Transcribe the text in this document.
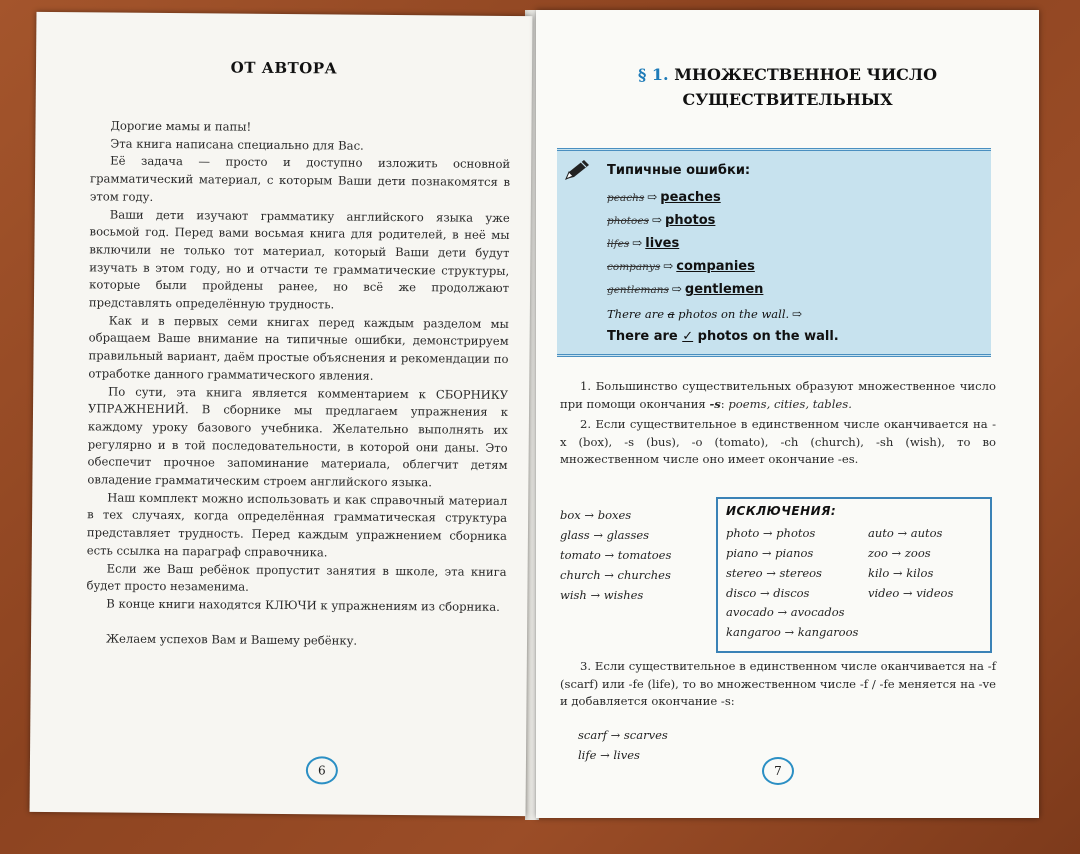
ОТ АВТОРА

Дорогие мамы и папы!

Эта книга написана специально для Вас.

Её задача — просто и доступно изложить основной грамматический материал, с которым Ваши дети познакомятся в этом году.

Ваши дети изучают грамматику английского языка уже восьмой год. Перед вами восьмая книга для родителей, в неё мы включили не только тот материал, который Ваши дети будут изучать в этом году, но и отчасти те грамматические структуры, которые были пройдены ранее, но всё же продолжают представлять определённую трудность.

Как и в первых семи книгах перед каждым разделом мы обращаем Ваше внимание на типичные ошибки, демонстрируем правильный вариант, даём простые объяснения и рекомендации по отработке данного грамматического явления.

По сути, эта книга является комментарием к СБОРНИКУ УПРАЖНЕНИЙ. В сборнике мы предлагаем упражнения к каждому уроку базового учебника. Желательно выполнять их регулярно и в той последовательности, в которой они даны. Это обеспечит прочное запоминание материала, облегчит детям овладение грамматическим строем английского языка.

Наш комплект можно использовать и как справочный материал в тех случаях, когда определённая грамматическая структура представляет трудность. Перед каждым упражнением сборника есть ссылка на параграф справочника.

Если же Ваш ребёнок пропустит занятия в школе, эта книга будет просто незаменима.

В конце книги находятся КЛЮЧИ к упражнениям из сборника.

Желаем успехов Вам и Вашему ребёнку.

6
§ 1. МНОЖЕСТВЕННОЕ ЧИСЛО
СУЩЕСТВИТЕЛЬНЫХ
Типичные ошибки:
peachs ⇨ peaches
photoes ⇨ photos
lifes ⇨ lives
companys ⇨ companies
gentlemans ⇨ gentlemen
There are a photos on the wall. ⇨
There are ✓ photos on the wall.

1. Большинство существительных образуют множественное число при помощи окончания -s: poems, cities, tables.

2. Если существительное в единственном числе оканчивается на -x (box), -s (bus), -o (tomato), -ch (church), -sh (wish), то во множественном числе оно имеет окончание -es.

box → boxes
glass → glasses
tomato → tomatoes
church → churches
wish → wishes
ИСКЛЮЧЕНИЯ:
photo → photos
piano → pianos
stereo → stereos
disco → discos
auto → autos
zoo → zoos
kilo → kilos
video → videos
avocado → avocados
kangaroo → kangaroos

3. Если существительное в единственном числе оканчивается на -f (scarf) или -fe (life), то во множественном числе -f / -fe меняется на -ve и добавляется окончание -s:

scarf → scarves
life → lives
7
